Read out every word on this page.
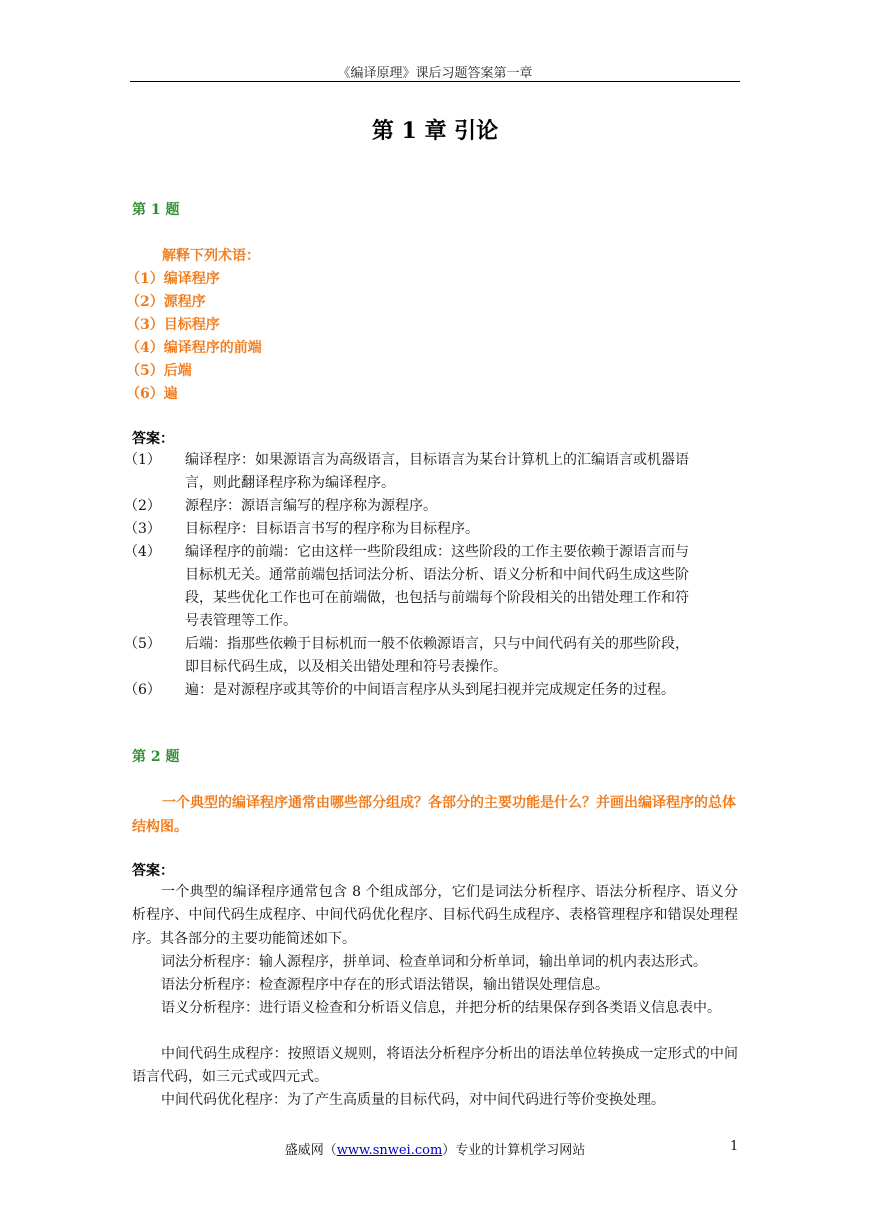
《编译原理》课后习题答案第一章
第 1 章 引论
第 1 题
解释下列术语：
（1）编译程序
（2）源程序
（3）目标程序
（4）编译程序的前端
（5）后端
（6）遍
答案：
（1） 编译程序：如果源语言为高级语言，目标语言为某台计算机上的汇编语言或机器语
言，则此翻译程序称为编译程序。
（2） 源程序：源语言编写的程序称为源程序。
（3） 目标程序：目标语言书写的程序称为目标程序。
（4） 编译程序的前端：它由这样一些阶段组成：这些阶段的工作主要依赖于源语言而与
目标机无关。通常前端包括词法分析、语法分析、语义分析和中间代码生成这些阶
段，某些优化工作也可在前端做，也包括与前端每个阶段相关的出错处理工作和符
号表管理等工作。
（5） 后端：指那些依赖于目标机而一般不依赖源语言，只与中间代码有关的那些阶段，
即目标代码生成，以及相关出错处理和符号表操作。
（6） 遍：是对源程序或其等价的中间语言程序从头到尾扫视并完成规定任务的过程。
第 2 题
一个典型的编译程序通常由哪些部分组成？各部分的主要功能是什么？并画出编译程序的总体结构图。
答案：
一个典型的编译程序通常包含 8 个组成部分，它们是词法分析程序、语法分析程序、语义分析程序、中间代码生成程序、中间代码优化程序、目标代码生成程序、表格管理程序和错误处理程序。其各部分的主要功能简述如下。
词法分析程序：输人源程序，拼单词、检查单词和分析单词，输出单词的机内表达形式。
语法分析程序：检查源程序中存在的形式语法错误，输出错误处理信息。
语义分析程序：进行语义检查和分析语义信息，并把分析的结果保存到各类语义信息表中。
中间代码生成程序：按照语义规则，将语法分析程序分析出的语法单位转换成一定形式的中间语言代码，如三元式或四元式。
中间代码优化程序：为了产生高质量的目标代码，对中间代码进行等价变换处理。
盛威网（www.snwei.com）专业的计算机学习网站	1
